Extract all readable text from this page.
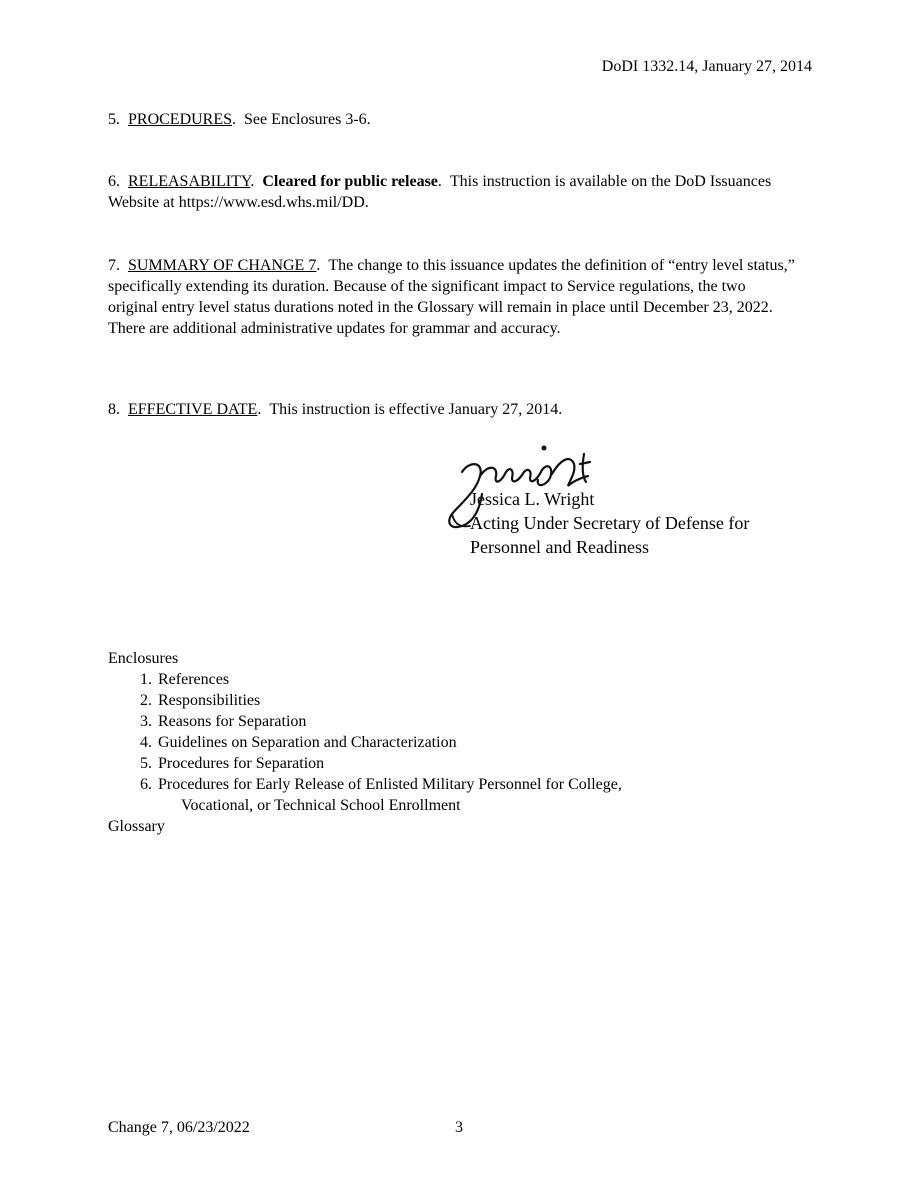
DoDI 1332.14, January 27, 2014
5. PROCEDURES.  See Enclosures 3-6.
6. RELEASABILITY.  Cleared for public release.  This instruction is available on the DoD Issuances Website at https://www.esd.whs.mil/DD.
7. SUMMARY OF CHANGE 7.  The change to this issuance updates the definition of “entry level status,” specifically extending its duration. Because of the significant impact to Service regulations, the two original entry level status durations noted in the Glossary will remain in place until December 23, 2022. There are additional administrative updates for grammar and accuracy.
8. EFFECTIVE DATE.  This instruction is effective January 27, 2014.
Jessica L. Wright
Acting Under Secretary of Defense for
Personnel and Readiness
Enclosures
1. References
2. Responsibilities
3. Reasons for Separation
4. Guidelines on Separation and Characterization
5. Procedures for Separation
6. Procedures for Early Release of Enlisted Military Personnel for College,
Vocational, or Technical School Enrollment
Glossary
Change 7, 06/23/2022	3
